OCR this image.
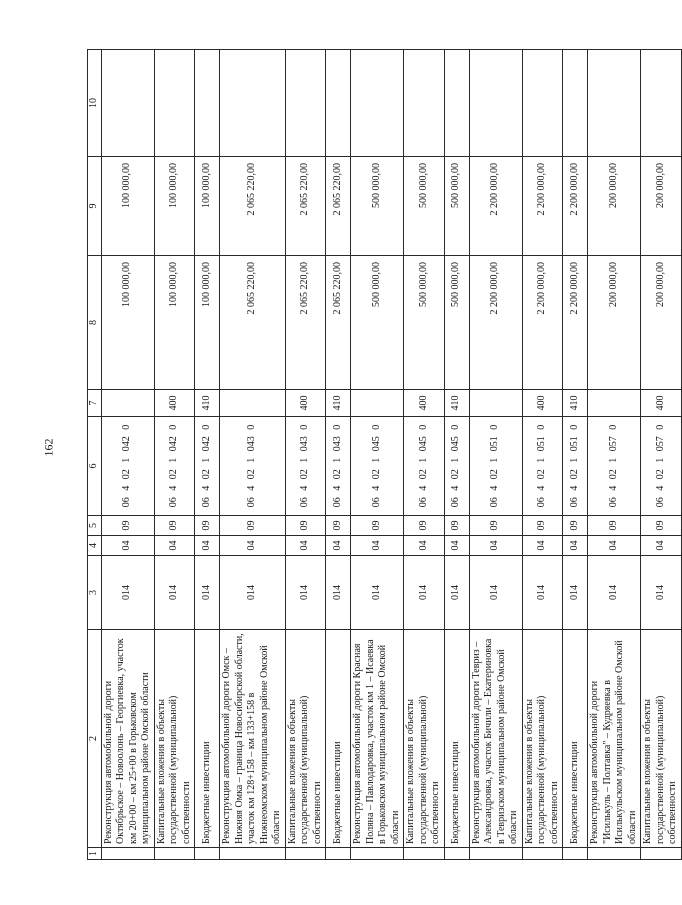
162
1	2	3	4	5	6	7	8	9	10
	Реконструкция автомобильной дороги Октябрьское – Новоолонь – Георгиевка, участок км 20+00 – км 25+00 в Горьковском муниципальном районе Омской области	014	04	09	06 4 02 1 042 0		100 000,00	100 000,00	
	Капитальные вложения в объекты государственной (муниципальной) собственности	014	04	09	06 4 02 1 042 0	400	100 000,00	100 000,00	
	Бюджетные инвестиции	014	04	09	06 4 02 1 042 0	410	100 000,00	100 000,00	
	Реконструкция автомобильной дороги Омск – Нижняя Омка – граница Новосибирской области, участок км 128+158 – км 133+158 в Нижнеомском муниципальном районе Омской области	014	04	09	06 4 02 1 043 0		2 065 220,00	2 065 220,00	
	Капитальные вложения в объекты государственной (муниципальной) собственности	014	04	09	06 4 02 1 043 0	400	2 065 220,00	2 065 220,00	
	Бюджетные инвестиции	014	04	09	06 4 02 1 043 0	410	2 065 220,00	2 065 220,00	
	Реконструкция автомобильной дороги Красная Поляна – Павлодаровка, участок км 1 – Исаевка в Горьковском муниципальном районе Омской области	014	04	09	06 4 02 1 045 0		500 000,00	500 000,00	
	Капитальные вложения в объекты государственной (муниципальной) собственности	014	04	09	06 4 02 1 045 0	400	500 000,00	500 000,00	
	Бюджетные инвестиции	014	04	09	06 4 02 1 045 0	410	500 000,00	500 000,00	
	Реконструкция автомобильной дороги Тевриз – Александровка, участок Бичили – Екатериновка в Тевризском муниципальном районе Омской области	014	04	09	06 4 02 1 051 0		2 200 000,00	2 200 000,00	
	Капитальные вложения в объекты государственной (муниципальной) собственности	014	04	09	06 4 02 1 051 0	400	2 200 000,00	2 200 000,00	
	Бюджетные инвестиции	014	04	09	06 4 02 1 051 0	410	2 200 000,00	2 200 000,00	
	Реконструкция автомобильной дороги "Исилькуль – Полтавка" – Кудряевка в Исилькульском муниципальном районе Омской области	014	04	09	06 4 02 1 057 0		200 000,00	200 000,00	
	Капитальные вложения в объекты государственной (муниципальной) собственности	014	04	09	06 4 02 1 057 0	400	200 000,00	200 000,00	
